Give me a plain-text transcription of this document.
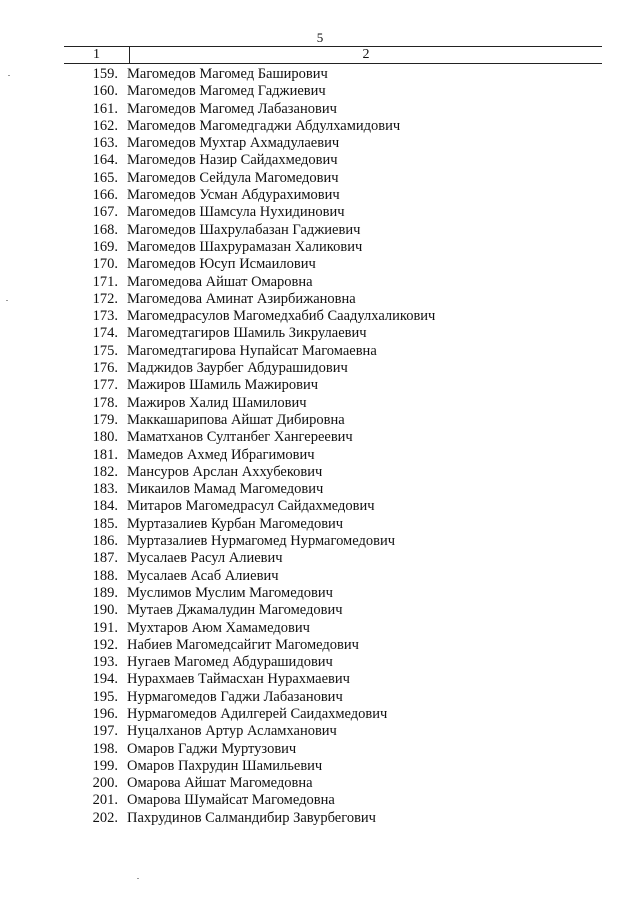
5
1	2
159. Магомедов Магомед Баширович
160. Магомедов Магомед Гаджиевич
161. Магомедов Магомед Лабазанович
162. Магомедов Магомедгаджи Абдулхамидович
163. Магомедов Мухтар Ахмадулаевич
164. Магомедов Назир Сайдахмедович
165. Магомедов Сейдула Магомедович
166. Магомедов Усман Абдурахимович
167. Магомедов Шамсула Нухидинович
168. Магомедов Шахрулабазан Гаджиевич
169. Магомедов Шахрурамазан Халикович
170. Магомедов Юсуп Исмаилович
171. Магомедова Айшат Омаровна
172. Магомедова Аминат Азирбижановна
173. Магомедрасулов Магомедхабиб Саадулхаликович
174. Магомедтагиров Шамиль Зикрулаевич
175. Магомедтагирова Нупайсат Магомаевна
176. Маджидов Заурбег Абдурашидович
177. Мажиров Шамиль Мажирович
178. Мажиров Халид Шамилович
179. Маккашарипова Айшат Дибировна
180. Маматханов Султанбег Хангереевич
181. Мамедов Ахмед Ибрагимович
182. Мансуров Арслан Аххубекович
183. Микаилов Мамад Магомедович
184. Митаров Магомедрасул Сайдахмедович
185. Муртазалиев Курбан Магомедович
186. Муртазалиев Нурмагомед Нурмагомедович
187. Мусалаев Расул Алиевич
188. Мусалаев Асаб Алиевич
189. Муслимов Муслим Магомедович
190. Мутаев Джамалудин Магомедович
191. Мухтаров Аюм Хамамедович
192. Набиев Магомедсайгит Магомедович
193. Нугаев Магомед Абдурашидович
194. Нурахмаев Таймасхан Нурахмаевич
195. Нурмагомедов Гаджи Лабазанович
196. Нурмагомедов Адилгерей Саидахмедович
197. Нуцалханов Артур Асламханович
198. Омаров Гаджи Муртузович
199. Омаров Пахрудин Шамильевич
200. Омарова Айшат Магомедовна
201. Омарова Шумайсат Магомедовна
202. Пахрудинов Салмандибир Завурбегович
